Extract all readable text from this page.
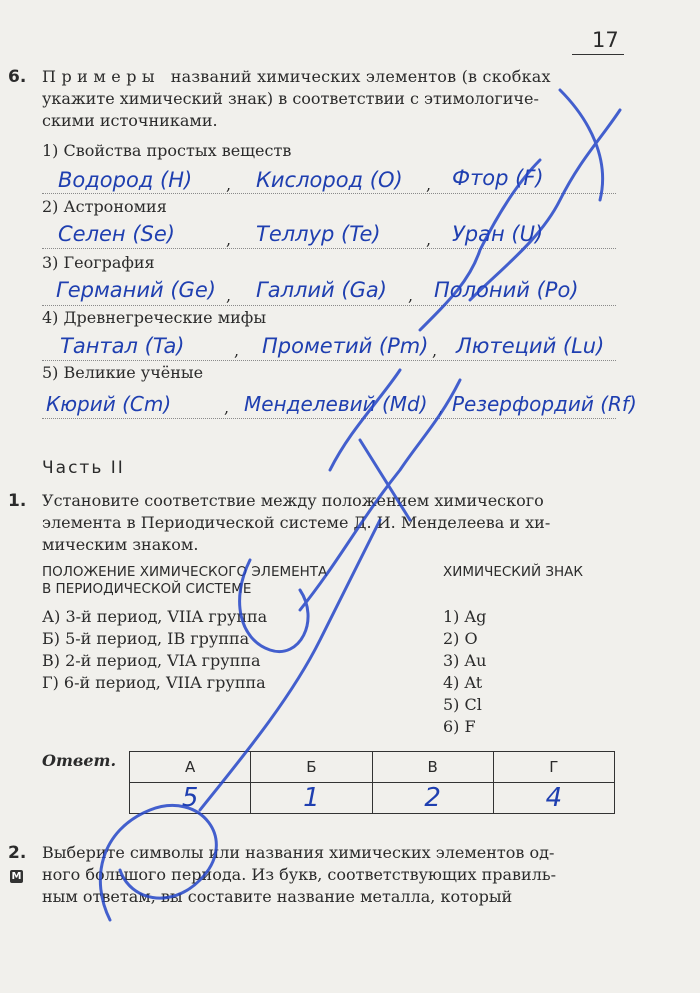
17
6. П р и м е р ы   названий химических элементов (в скобках
укажите химический знак) в соответствии с этимологиче-
скими источниками.
1) Свойства простых веществ
Водород (H) , Кислород (O) , Фтор (F)
2) Астрономия
Селен (Se)	, Теллур (Te)	, Уран (U)
3) География
Германий (Ge) , Галлий (Ga) , Полоний (Po)
4) Древнегреческие мифы
Тантал (Ta)	, Прометий (Pm) , Лютеций (Lu)
5) Великие учёные
Кюрий (Cm)	, Менделевий (Md) , Резерфордий (Rf)
Часть II
1. Установите соответствие между положением химического
элемента в Периодической системе Д. И. Менделеева и хи-
мическим знаком.
ПОЛОЖЕНИЕ ХИМИЧЕСКОГО ЭЛЕМЕНТА
В ПЕРИОДИЧЕСКОЙ СИСТЕМЕ
ХИМИЧЕСКИЙ ЗНАК
А) 3-й период, VIIA группа
Б) 5-й период, IB группа
В) 2-й период, VIA группа
Г) 6-й период, VIIA группа
1) Ag
2) O
3) Au
4) At
5) Cl
6) F
Ответ.	А	Б	В	Г
5	1	2	4
2.
М
Выберите символы или названия химических элементов од-
ного большого периода. Из букв, соответствующих правиль-
ным ответам, вы составите название металла, который
